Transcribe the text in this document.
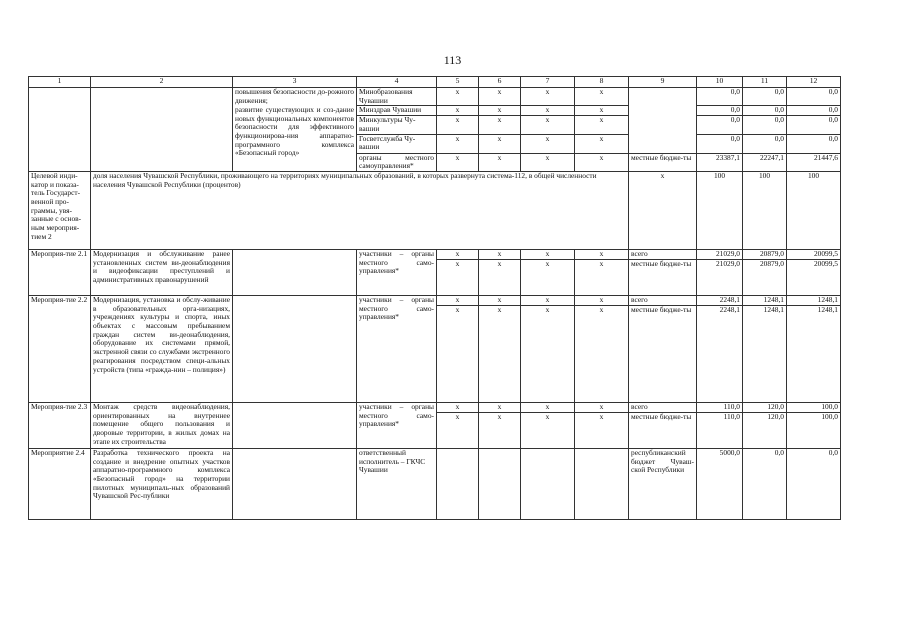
113
1	2	3	4	5	6	7	8	9	10	11	12
		повышения безопасности до-рожного движения;	Минобразования Чувашии	x	x	x	x		0,0	0,0	0,0
		развитие существующих и соз-дание новых функциональных компонентов безопасности для эффективного функционирова-ния аппаратно-программного комплекса «Безопасный город»	Минздрав Чувашии	x	x	x	x		0,0	0,0	0,0
			Минкультуры Чу-вашии	x	x	x	x		0,0	0,0	0,0
			Госветслужба Чу-вашии	x	x	x	x		0,0	0,0	0,0
			органы местного самоуправления*	x	x	x	x	местные бюдже-ты	23387,1	22247,1	21447,6
Целевой инди-катор и показа-тель Государст-венной про-граммы, увя-занные с основ-ным мероприя-тием 2	доля населения Чувашской Республики, проживающего на территориях муниципальных образований, в которых развернута система-112, в общей численности населения Чувашской Республики (процентов)							x	100	100	100
Мероприя-тие 2.1	Модернизация и обслуживание ранее установленных систем ви-деонаблюдения и видеофиксации преступлений и административных правонарушений		участники – органы местного само-управления*	x	x	x	x	всего	21029,0	20879,0	20099,5
				x	x	x	x	местные бюдже-ты	21029,0	20879,0	20099,5
Мероприя-тие 2.2	Модернизация, установка и обслу-живание в образовательных орга-низациях, учреждениях культуры и спорта, иных объектах с массовым пребыванием граждан систем ви-деонаблюдения, оборудование их системами прямой, экстренной связи со службами экстренного реагирования посредством специ-альных устройств (типа «гражда-нин – полиция»)		участники – органы местного само-управления*	x	x	x	x	всего	2248,1	1248,1	1248,1
				x	x	x	x	местные бюдже-ты	2248,1	1248,1	1248,1
Мероприя-тие 2.3	Монтаж средств видеонаблюдения, ориентированных на внутреннее помещение общего пользования и дворовые территории, в жилых домах на этапе их строительства		участники – органы местного само-управления*	x	x	x	x	всего	110,0	120,0	100,0
				x	x	x	x	местные бюдже-ты	110,0	120,0	100,0
Мероприятие 2.4	Разработка технического проекта на создание и внедрение опытных участков аппаратно-программного комплекса «Безопасный город» на территории пилотных муниципаль-ных образований Чувашской Рес-публики		ответственный исполнитель – ГКЧС Чувашии					республиканский бюджет Чуваш-ской Республики	5000,0	0,0	0,0
